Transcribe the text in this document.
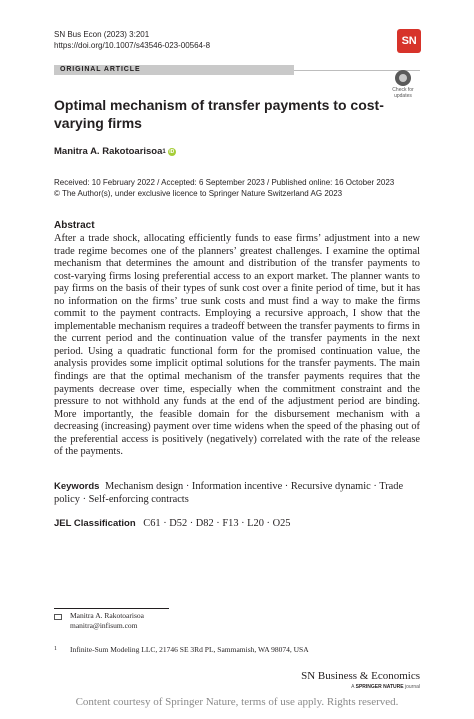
SN Bus Econ (2023) 3:201
https://doi.org/10.1007/s43546-023-00564-8	SN
ORIGINAL ARTICLE
Check for
updates
Optimal mechanism of transfer payments to cost-varying firms
Manitra A. Rakotoarisoa 1 iD
Received: 10 February 2022 / Accepted: 6 September 2023 / Published online: 16 October 2023
© The Author(s), under exclusive licence to Springer Nature Switzerland AG 2023
Abstract
After a trade shock, allocating efficiently funds to ease firms’ adjustment into a new trade regime becomes one of the planners’ greatest challenges. I examine the optimal mechanism that determines the amount and distribution of the transfer payments to cost-varying firms losing preferential access to an export market. The planner wants to pay firms on the basis of their types of sunk cost over a finite period of time, but it has no information on the firms’ true sunk costs and must find a way to make the firms commit to the payment contracts. Employing a recursive approach, I show that the implementable mechanism requires a tradeoff between the transfer payments to firms in the current period and the continuation value of the transfer payments in the next period. Using a quadratic functional form for the promised continuation value, the analysis provides some implicit optimal solutions for the transfer payments. The main findings are that the optimal mechanism of the transfer payments requires that the payments decrease over time, especially when the commitment constraint and the pressure to not withhold any funds at the end of the adjustment period are binding. More importantly, the feasible domain for the disbursement mechanism with a decreasing (increasing) payment over time widens when the speed of the phasing out of the preferential access is positively (negatively) correlated with the rate of the release of the payments.
Keywords Mechanism design · Information incentive · Recursive dynamic · Trade policy · Self-enforcing contracts
JEL Classification C61 · D52 · D82 · F13 · L20 · O25
Manitra A. Rakotoarisoa
manitra@infisum.com
1 Infinite-Sum Modeling LLC, 21746 SE 3Rd PL, Sammamish, WA 98074, USA
SN Business & Economics
A SPRINGER NATURE journal
Content courtesy of Springer Nature, terms of use apply. Rights reserved.
